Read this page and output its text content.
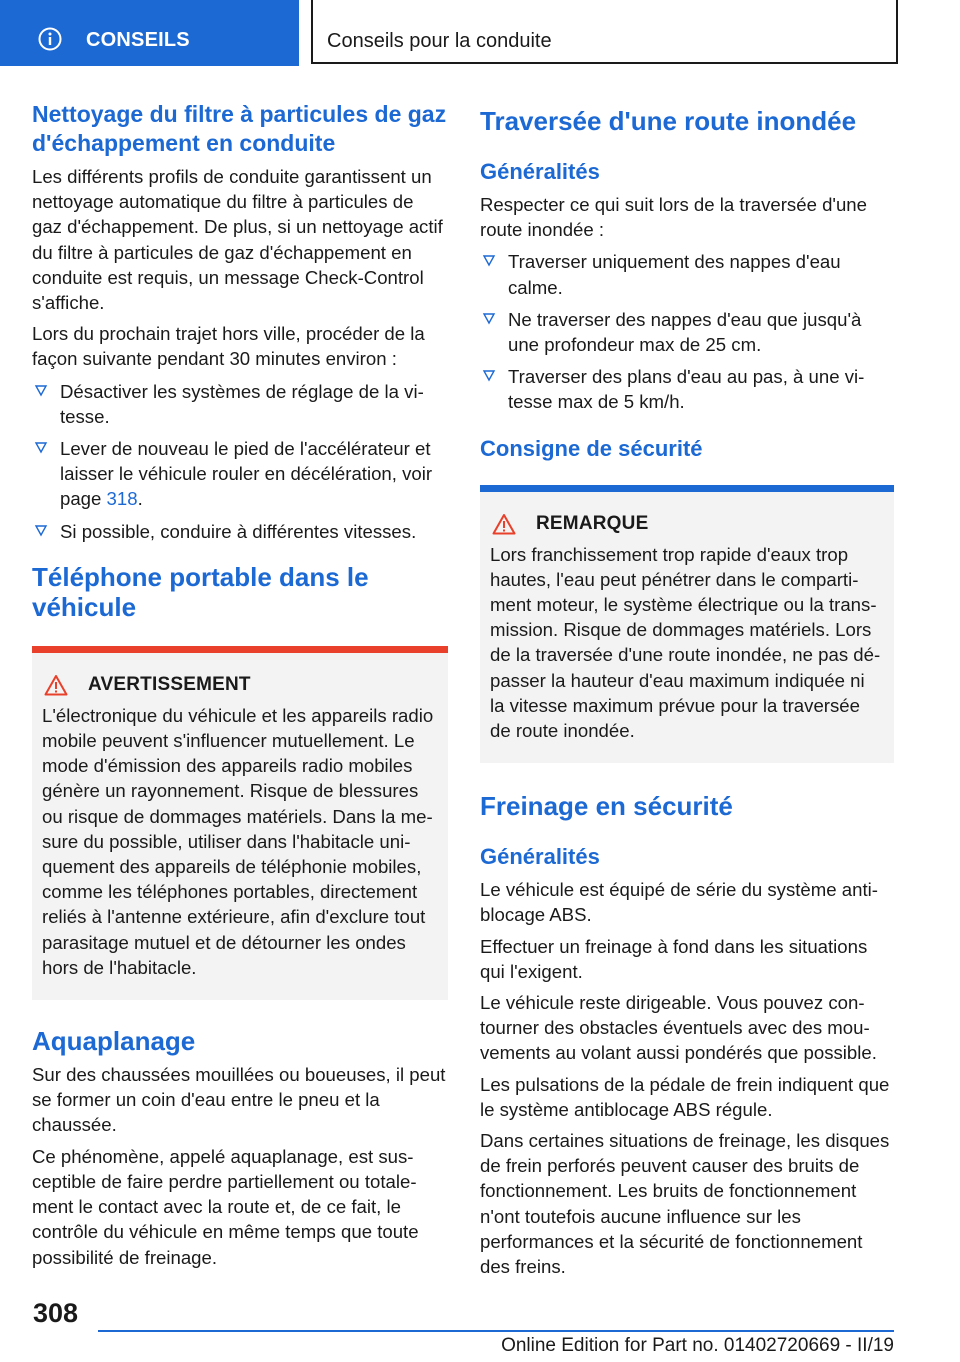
CONSEILS	Conseils pour la conduite
Nettoyage du filtre à particules de gaz d'échappement en conduite

Les différents profils de conduite garantissent un nettoyage automatique du filtre à particules de gaz d'échappement. De plus, si un nettoyage actif du filtre à particules de gaz d'échappement en conduite est requis, un message Check-Control s'affiche.

Lors du prochain trajet hors ville, procéder de la façon suivante pendant 30 minutes environ :

Désactiver les systèmes de réglage de la vitesse.
Lever de nouveau le pied de l'accélérateur et laisser le véhicule rouler en décélération, voir page 318.
Si possible, conduire à différentes vitesses.
Téléphone portable dans le véhicule
AVERTISSEMENT

L'électronique du véhicule et les appareils radio mobile peuvent s'influencer mutuellement. Le mode d'émission des appareils radio mobiles génère un rayonnement. Risque de blessures ou risque de dommages matériels. Dans la mesure du possible, utiliser dans l'habitacle uniquement des appareils de téléphonie mobiles, comme les téléphones portables, directement reliés à l'antenne extérieure, afin d'exclure tout parasitage mutuel et de détourner les ondes hors de l'habitacle.

Aquaplanage

Sur des chaussées mouillées ou boueuses, il peut se former un coin d'eau entre le pneu et la chaussée.

Ce phénomène, appelé aquaplanage, est susceptible de faire perdre partiellement ou totalement le contact avec la route et, de ce fait, le contrôle du véhicule en même temps que toute possibilité de freinage.

Traversée d'une route inondée
Généralités

Respecter ce qui suit lors de la traversée d'une route inondée :

Traverser uniquement des nappes d'eau calme.
Ne traverser des nappes d'eau que jusqu'à une profondeur max de 25 cm.
Traverser des plans d'eau au pas, à une vitesse max de 5 km/h.
Consigne de sécurité
REMARQUE

Lors franchissement trop rapide d'eaux trop hautes, l'eau peut pénétrer dans le compartiment moteur, le système électrique ou la transmission. Risque de dommages matériels. Lors de la traversée d'une route inondée, ne pas dépasser la hauteur d'eau maximum indiquée ni la vitesse maximum prévue pour la traversée de route inondée.

Freinage en sécurité
Généralités

Le véhicule est équipé de série du système antiblocage ABS.

Effectuer un freinage à fond dans les situations qui l'exigent.

Le véhicule reste dirigeable. Vous pouvez contourner des obstacles éventuels avec des mouvements au volant aussi pondérés que possible.

Les pulsations de la pédale de frein indiquent que le système antiblocage ABS régule.

Dans certaines situations de freinage, les disques de frein perforés peuvent causer des bruits de fonctionnement. Les bruits de fonctionnement n'ont toutefois aucune influence sur les performances et la sécurité de fonctionnement des freins.

308
Online Edition for Part no. 01402720669 - II/19
